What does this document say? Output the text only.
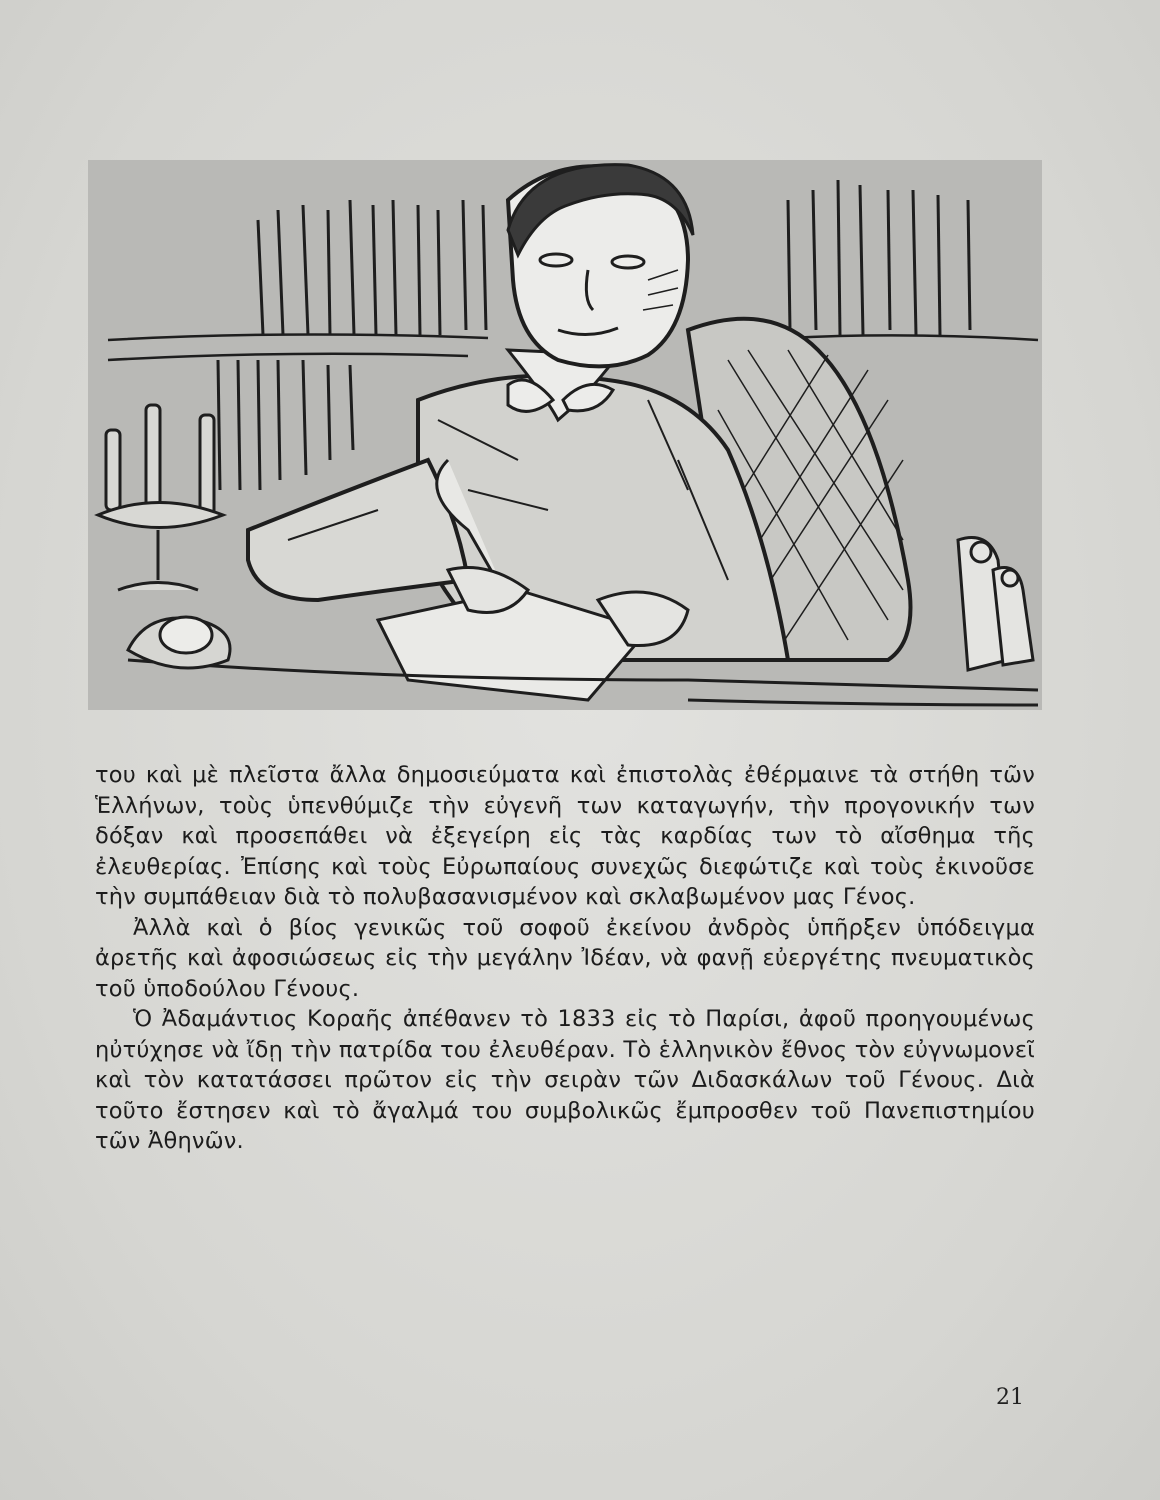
του καὶ μὲ πλεῖστα ἄλλα δημοσιεύματα καὶ ἐπιστολὰς ἐθέρμαινε τὰ στήθη τῶν Ἑλλήνων, τοὺς ὑπενθύμιζε τὴν εὐγενῆ των καταγωγήν, τὴν προγονικήν των δόξαν καὶ προσεπάθει νὰ ἐξεγείρη εἰς τὰς καρδίας των τὸ αἴσθημα τῆς ἐλευθερίας. Ἐπίσης καὶ τοὺς Εὐρωπαίους συνεχῶς διεφώτιζε καὶ τοὺς ἐκινοῦσε τὴν συμπάθειαν διὰ τὸ πολυβασανισμένον καὶ σκλαβωμένον μας Γένος.

Ἀλλὰ καὶ ὁ βίος γενικῶς τοῦ σοφοῦ ἐκείνου ἀνδρὸς ὑπῆρξεν ὑπόδειγμα ἀρετῆς καὶ ἀφοσιώσεως εἰς τὴν μεγάλην Ἰδέαν, νὰ φανῇ εὐεργέτης πνευματικὸς τοῦ ὑποδούλου Γένους.

Ὁ Ἀδαμάντιος Κοραῆς ἀπέθανεν τὸ 1833 εἰς τὸ Παρίσι, ἀφοῦ προηγουμένως ηὐτύχησε νὰ ἴδῃ τὴν πατρίδα του ἐλευθέραν. Τὸ ἑλληνικὸν ἔθνος τὸν εὐγνωμονεῖ καὶ τὸν κατατάσσει πρῶτον εἰς τὴν σειρὰν τῶν Διδασκάλων τοῦ Γένους. Διὰ τοῦτο ἔστησεν καὶ τὸ ἄγαλμά του συμβολικῶς ἔμπροσθεν τοῦ Πανεπιστημίου τῶν Ἀθηνῶν.

21
